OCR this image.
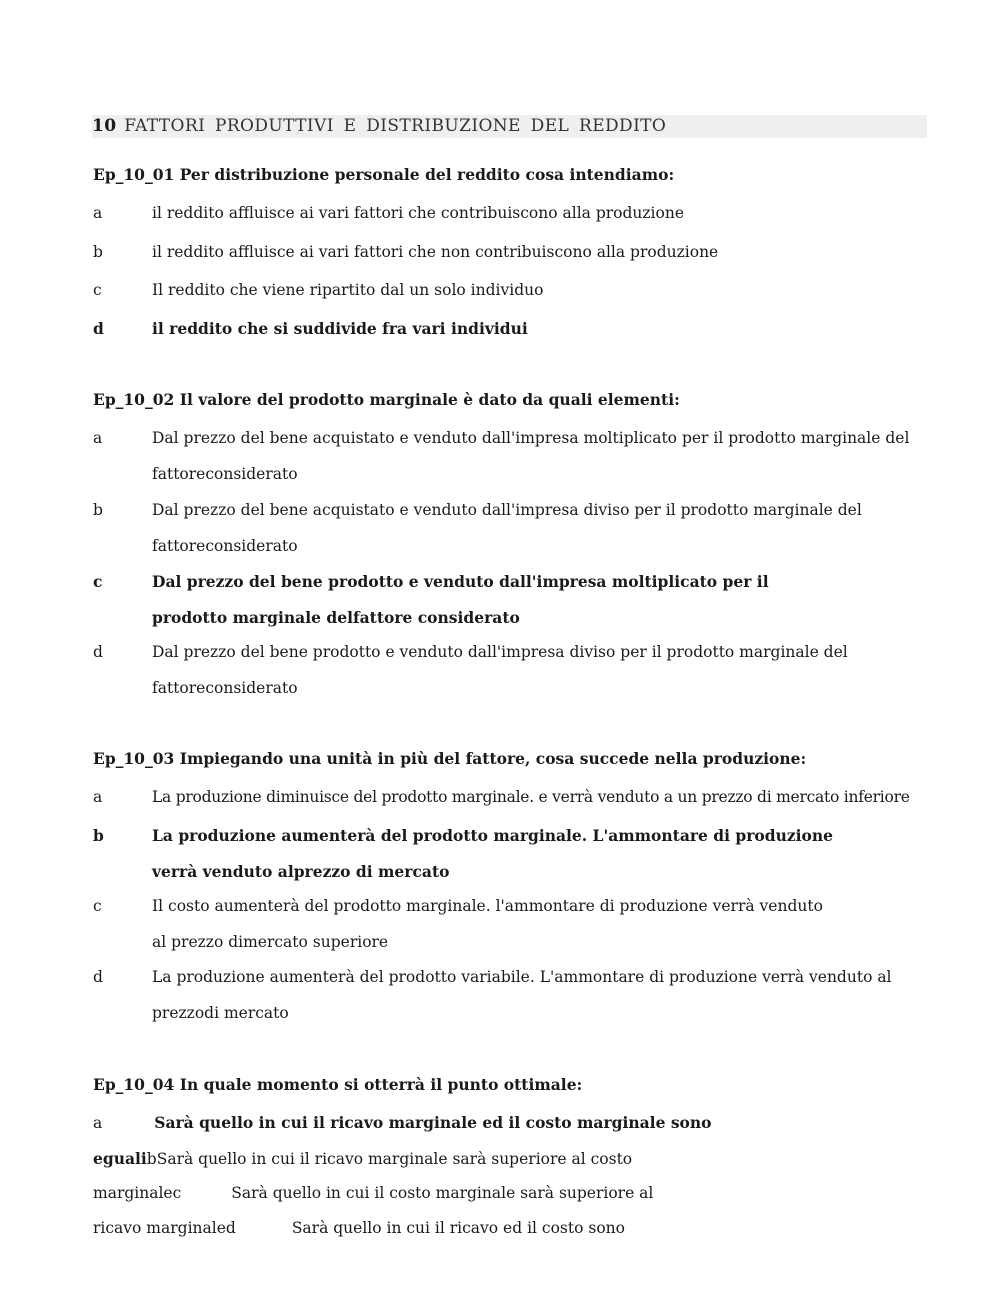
10 FATTORI PRODUTTIVI E DISTRIBUZIONE DEL REDDITO
Ep_10_01 Per distribuzione personale del reddito cosa intendiamo:
a	il reddito affluisce ai vari fattori che contribuiscono alla produzione
b	il reddito affluisce ai vari fattori che non contribuiscono alla produzione
c	Il reddito che viene ripartito dal un solo individuo
d	il reddito che si suddivide fra vari individui
Ep_10_02 Il valore del prodotto marginale è dato da quali elementi:
a	Dal prezzo del bene acquistato e venduto dall'impresa moltiplicato per il prodotto marginale del fattoreconsiderato
b	Dal prezzo del bene acquistato e venduto dall'impresa diviso per il prodotto marginale del fattoreconsiderato
c	Dal prezzo del bene prodotto e venduto dall'impresa moltiplicato per il prodotto marginale delfattore considerato
d	Dal prezzo del bene prodotto e venduto dall'impresa diviso per il prodotto marginale del fattoreconsiderato
Ep_10_03 Impiegando una unità in più del fattore, cosa succede nella produzione:
a	La produzione diminuisce del prodotto marginale. e verrà venduto a un prezzo di mercato inferiore
b	La produzione aumenterà del prodotto marginale. L'ammontare di produzione verrà venduto alprezzo di mercato
c	Il costo aumenterà del prodotto marginale. l'ammontare di produzione verrà venduto al prezzo dimercato superiore
d	La produzione aumenterà del prodotto variabile. L'ammontare di produzione verrà venduto al prezzodi mercato
Ep_10_04 In quale momento si otterrà il punto ottimale:
a	Sarà quello in cui il ricavo marginale ed il costo marginale sono
egualibSarà quello in cui il ricavo marginale sarà superiore al costo
marginalec	Sarà quello in cui il costo marginale sarà superiore al
ricavo marginaled	Sarà quello in cui il ricavo ed il costo sono
